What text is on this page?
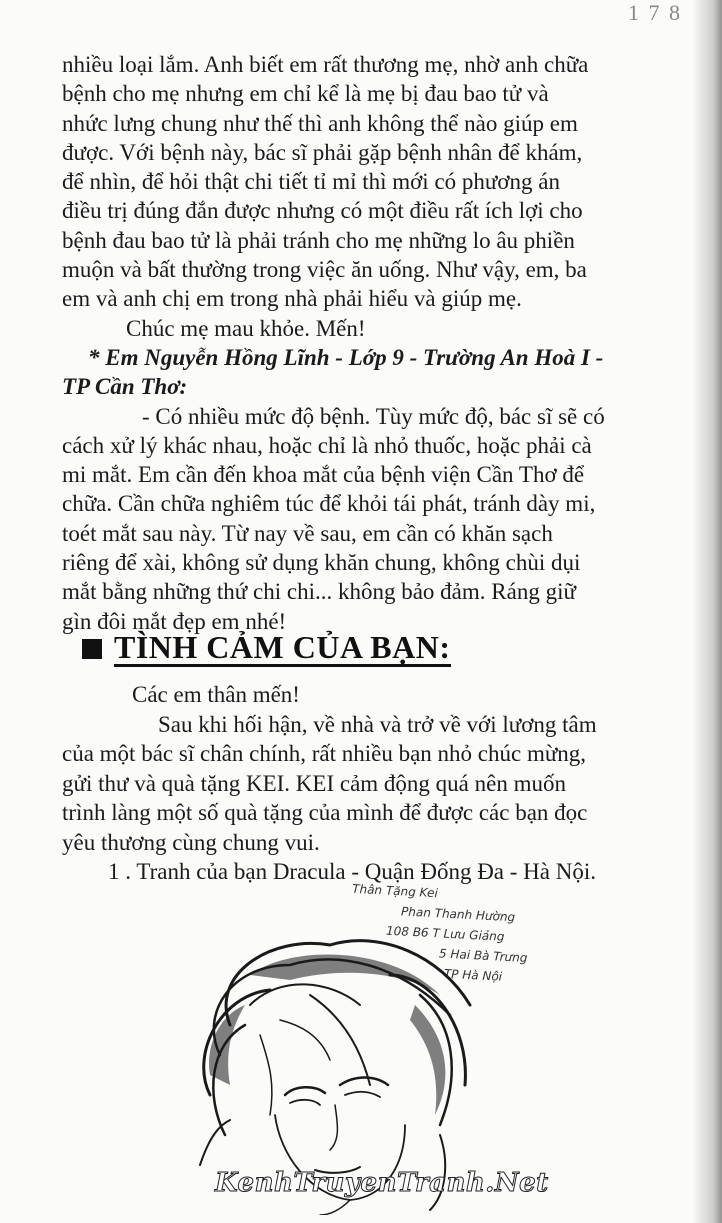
1 7 8

nhiều loại lắm. Anh biết em rất thương mẹ, nhờ anh chữa

bệnh cho mẹ nhưng em chỉ kể là mẹ bị đau bao tử và

nhức lưng chung như thế thì anh không thể nào giúp em

được. Với bệnh này, bác sĩ phải gặp bệnh nhân để khám,

để nhìn, để hỏi thật chi tiết tỉ mỉ thì mới có phương án

điều trị đúng đắn được nhưng có một điều rất ích lợi cho

bệnh đau bao tử là phải tránh cho mẹ những lo âu phiền

muộn và bất thường trong việc ăn uống. Như vậy, em, ba

em và anh chị em trong nhà phải hiểu và giúp mẹ.

Chúc mẹ mau khỏe. Mến!

* Em Nguyễn Hồng Lĩnh - Lớp 9 - Trường An Hoà I -

TP Cần Thơ:

- Có nhiều mức độ bệnh. Tùy mức độ, bác sĩ sẽ có

cách xử lý khác nhau, hoặc chỉ là nhỏ thuốc, hoặc phải cà

mi mắt. Em cần đến khoa mắt của bệnh viện Cần Thơ để

chữa. Cần chữa nghiêm túc để khỏi tái phát, tránh dày mi,

toét mắt sau này. Từ nay về sau, em cần có khăn sạch

riêng để xài, không sử dụng khăn chung, không chùi dụi

mắt bằng những thứ chi chi... không bảo đảm. Ráng giữ

gìn đôi mắt đẹp em nhé!

TÌNH CẢM CỦA BẠN:

Các em thân mến!

Sau khi hối hận, về nhà và trở về với lương tâm

của một bác sĩ chân chính, rất nhiều bạn nhỏ chúc mừng,

gửi thư và quà tặng KEI. KEI cảm động quá nên muốn

trình làng một số quà tặng của mình để được các bạn đọc

yêu thương cùng chung vui.

1 . Tranh của bạn Dracula - Quận Đống Đa - Hà Nội.

Thân Tặng Kei
Phan Thanh Hường
108 B6 T Lưu Giảng
5 Hai Bà Trưng
TP Hà Nội
KenhTruyenTranh.Net
